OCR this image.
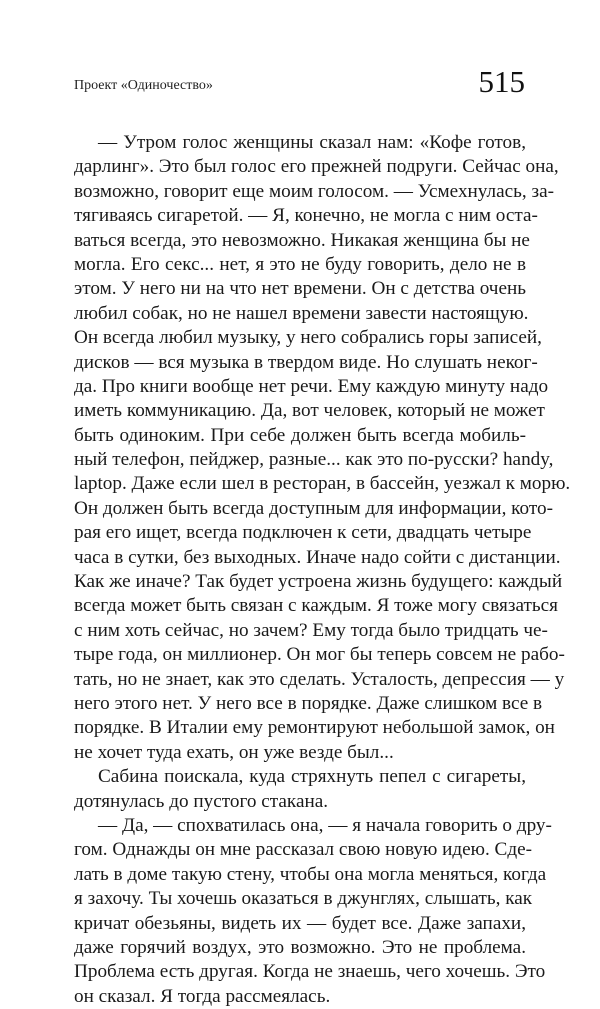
Проект «Одиночество»	515
— Утром голос женщины сказал нам: «Кофе готов,
дарлинг». Это был голос его прежней подруги. Сейчас она,
возможно, говорит еще моим голосом. — Усмехнулась, за-
тягиваясь сигаретой. — Я, конечно, не могла с ним оста-
ваться всегда, это невозможно. Никакая женщина бы не
могла. Его секс... нет, я это не буду говорить, дело не в
этом. У него ни на что нет времени. Он с детства очень
любил собак, но не нашел времени завести настоящую.
Он всегда любил музыку, у него собрались горы записей,
дисков — вся музыка в твердом виде. Но слушать неког-
да. Про книги вообще нет речи. Ему каждую минуту надо
иметь коммуникацию. Да, вот человек, который не может
быть одиноким. При себе должен быть всегда мобиль-
ный телефон, пейджер, разные... как это по-русски? handy,
laptop. Даже если шел в ресторан, в бассейн, уезжал к морю.
Он должен быть всегда доступным для информации, кото-
рая его ищет, всегда подключен к сети, двадцать четыре
часа в сутки, без выходных. Иначе надо сойти с дистанции.
Как же иначе? Так будет устроена жизнь будущего: каждый
всегда может быть связан с каждым. Я тоже могу связаться
с ним хоть сейчас, но зачем? Ему тогда было тридцать че-
тыре года, он миллионер. Он мог бы теперь совсем не рабо-
тать, но не знает, как это сделать. Усталость, депрессия — у
него этого нет. У него все в порядке. Даже слишком все в
порядке. В Италии ему ремонтируют небольшой замок, он
не хочет туда ехать, он уже везде был...
Сабина поискала, куда стряхнуть пепел с сигареты,
дотянулась до пустого стакана.
— Да, — спохватилась она, — я начала говорить о дру-
гом. Однажды он мне рассказал свою новую идею. Сде-
лать в доме такую стену, чтобы она могла меняться, когда
я захочу. Ты хочешь оказаться в джунглях, слышать, как
кричат обезьяны, видеть их — будет все. Даже запахи,
даже горячий воздух, это возможно. Это не проблема.
Проблема есть другая. Когда не знаешь, чего хочешь. Это
он сказал. Я тогда рассмеялась.
